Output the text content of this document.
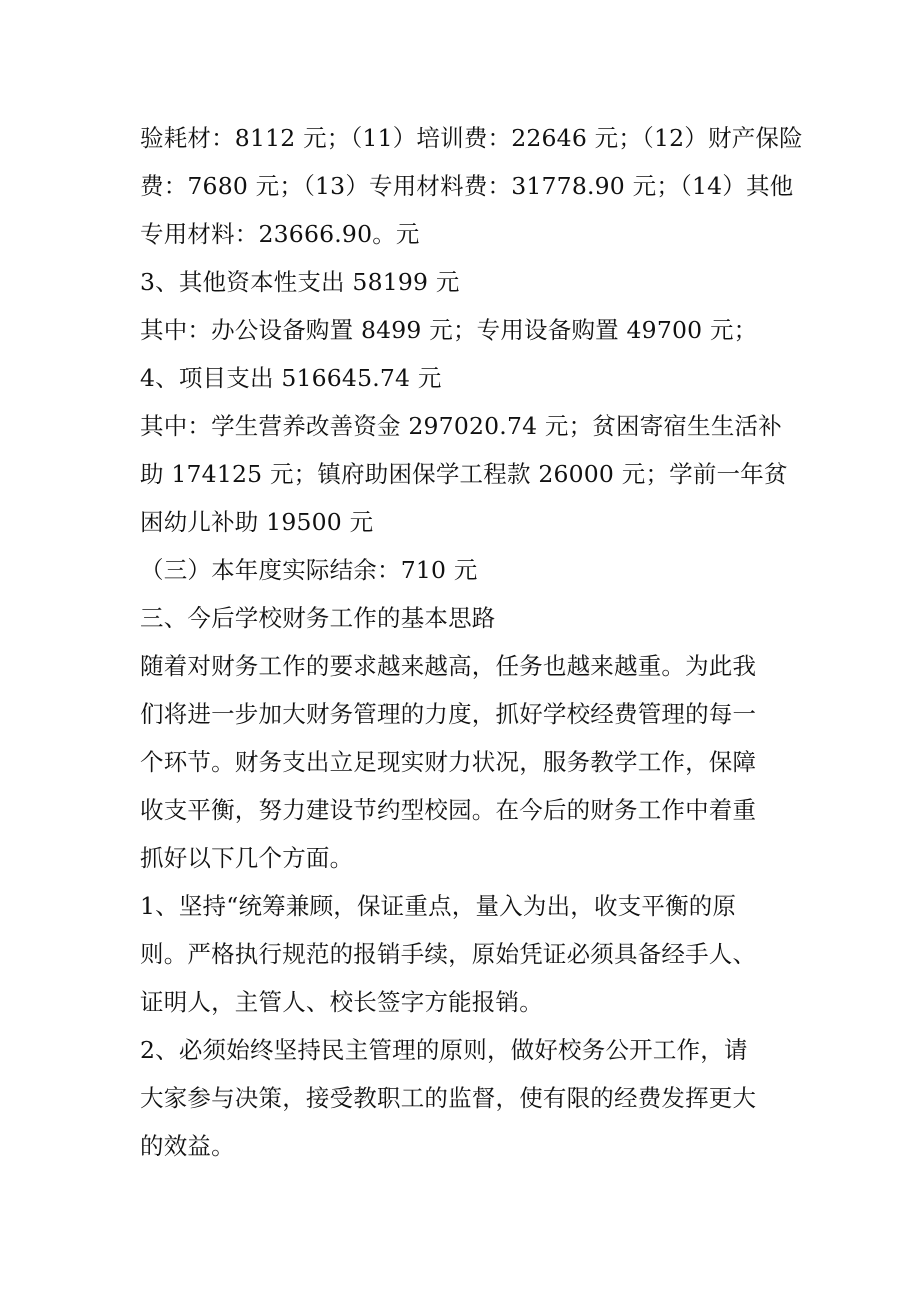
验耗材：8112 元；（11）培训费：22646 元；（12）财产保险
费：7680 元；（13）专用材料费：31778.90 元；（14）其他
专用材料：23666.90。元
3、其他资本性支出 58199 元
其中：办公设备购置 8499 元；专用设备购置 49700 元；
4、项目支出 516645.74 元
其中：学生营养改善资金 297020.74 元；贫困寄宿生生活补
助 174125 元；镇府助困保学工程款 26000 元；学前一年贫
困幼儿补助 19500 元
（三）本年度实际结余：710 元
三、今后学校财务工作的基本思路
随着对财务工作的要求越来越高，任务也越来越重。为此我
们将进一步加大财务管理的力度，抓好学校经费管理的每一
个环节。财务支出立足现实财力状况，服务教学工作，保障
收支平衡，努力建设节约型校园。在今后的财务工作中着重
抓好以下几个方面。
1、坚持“统筹兼顾，保证重点，量入为出，收支平衡的原
则。严格执行规范的报销手续，原始凭证必须具备经手人、
证明人，主管人、校长签字方能报销。
2、必须始终坚持民主管理的原则，做好校务公开工作，请
大家参与决策，接受教职工的监督，使有限的经费发挥更大
的效益。
